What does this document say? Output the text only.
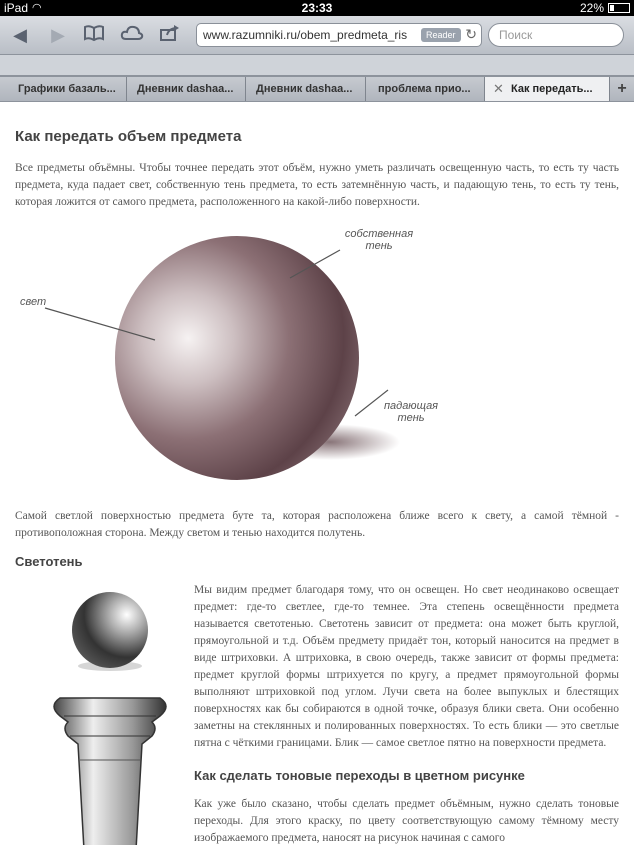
iPad ◠	23:33	22%
◀ ▶	www.razumniki.ru/obem_predmeta_ris	Reader ↻
Поиск
Графики базаль...	Дневник dashaa...	Дневник dashaa...	проблема прио...	✕ Как передать...	+
Как передать объем предмета

Все предметы объёмны. Чтобы точнее передать этот объём, нужно уметь различать освещенную часть, то есть ту часть предмета, куда падает свет, собственную тень предмета, то есть затемнённую часть, и падающую тень, то есть ту тень, которая ложится от самого предмета, расположенного на какой-либо поверхности.

собственная
тень
свет
падающая
тень

Самой светлой поверхностью предмета буте та, которая расположена ближе всего к свету, а самой тёмной - противоположная сторона. Между светом и тенью находится полутень.

Светотень

Мы видим предмет благодаря тому, что он освещен. Но свет неодинаково освещает предмет: где-то светлее, где-то темнее. Эта степень освещённости предмета называется светотенью. Светотень зависит от предмета: она может быть круглой, прямоугольной и т.д. Объём предмету придаёт тон, который наносится на предмет в виде штриховки. А штриховка, в свою очередь, также зависит от формы предмета: предмет круглой формы штрихуется по кругу, а предмет прямоугольной формы выполняют штриховкой под углом. Лучи света на более выпуклых и блестящих поверхностях как бы собираются в одной точке, образуя блики света. Они особенно заметны на стеклянных и полированных поверхностях. То есть блики — это светлые пятна с чёткими границами. Блик — самое светлое пятно на поверхности предмета.

Как сделать тоновые переходы в цветном рисунке

Как уже было сказано, чтобы сделать предмет объёмным, нужно сделать тоновые переходы. Для этого краску, по цвету соответствующую самому тёмному месту изображаемого предмета, наносят на рисунок начиная с самого
